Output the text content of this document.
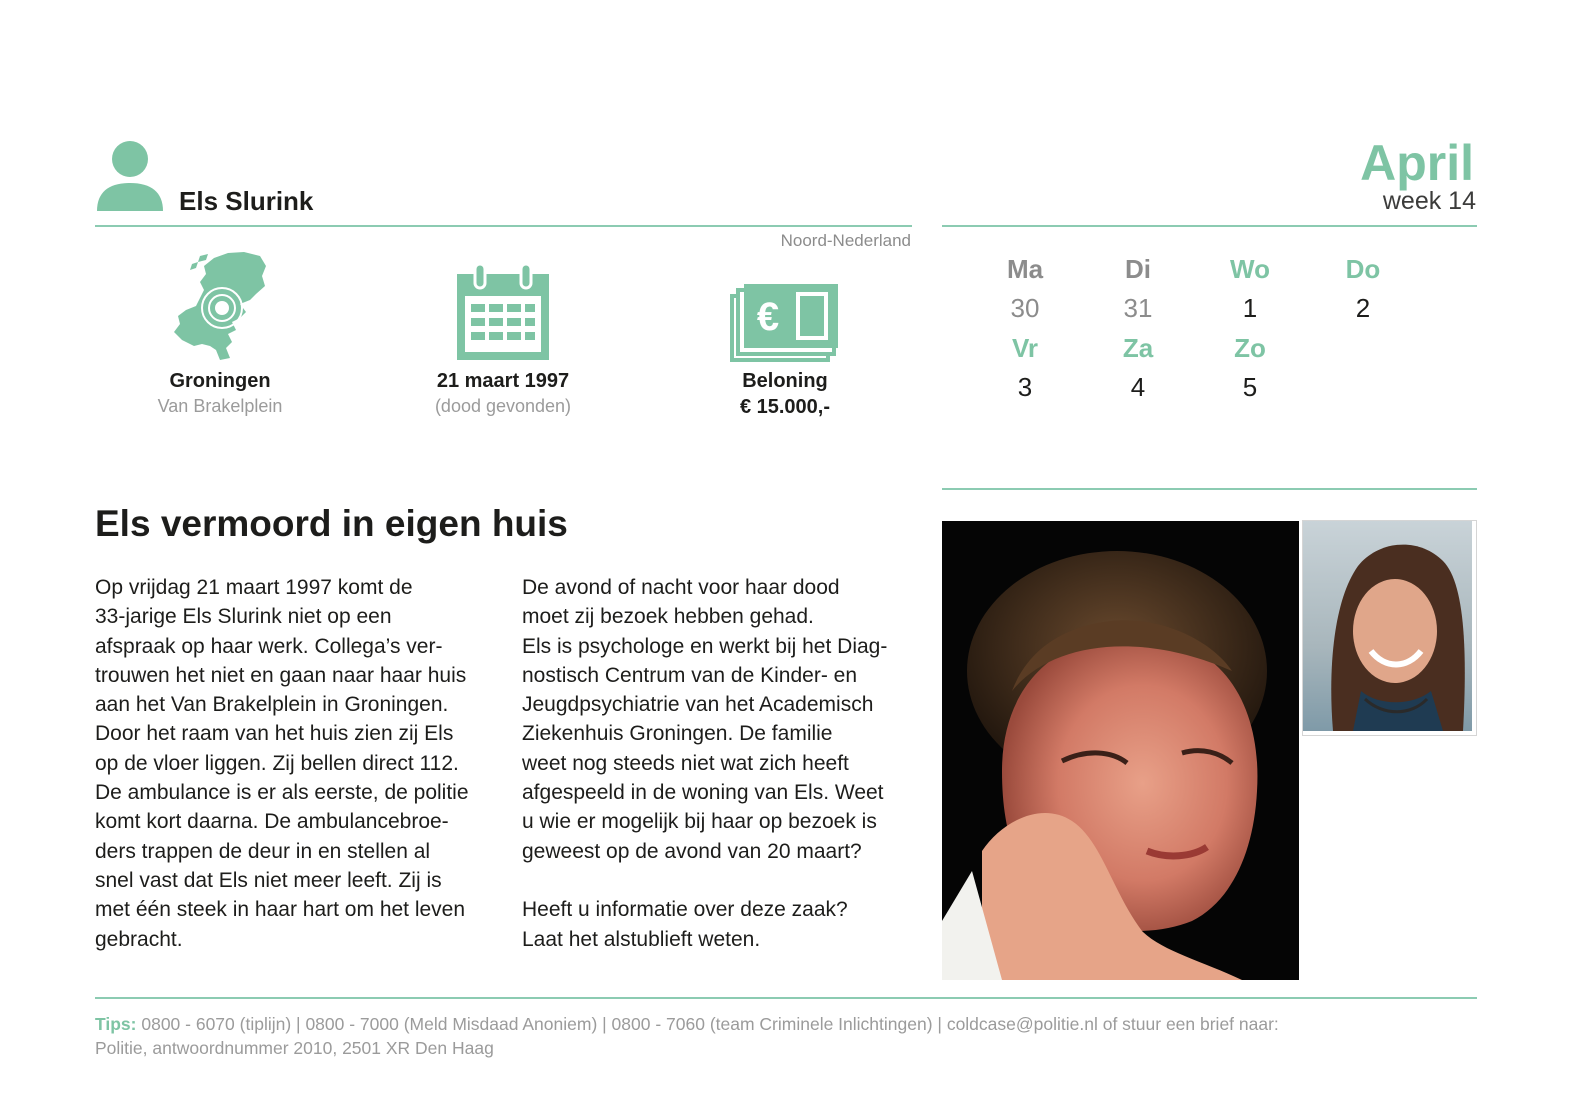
Els Slurink
Noord-Nederland
April
week 14
Groningen
Van Brakelplein
21 maart 1997
(dood gevonden)
€
Beloning
€ 15.000,-
Ma	Di	Wo	Do
30	31	1	2
Vr	Za	Zo
3	4	5
Els vermoord in eigen huis

Op vrijdag 21 maart 1997 komt de

33-jarige Els Slurink niet op een

afspraak op haar werk. Collega’s ver-

trouwen het niet en gaan naar haar huis

aan het Van Brakelplein in Groningen.

Door het raam van het huis zien zij Els

op de vloer liggen. Zij bellen direct 112.

De ambulance is er als eerste, de politie

komt kort daarna. De ambulancebroe-

ders trappen de deur in en stellen al

snel vast dat Els niet meer leeft. Zij is

met één steek in haar hart om het leven

gebracht.

De avond of nacht voor haar dood

moet zij bezoek hebben gehad.

Els is psychologe en werkt bij het Diag-

nostisch Centrum van de Kinder- en

Jeugdpsychiatrie van het Academisch

Ziekenhuis Groningen. De familie

weet nog steeds niet wat zich heeft

afgespeeld in de woning van Els. Weet

u wie er mogelijk bij haar op bezoek is

geweest op de avond van 20 maart?

Heeft u informatie over deze zaak?

Laat het alstublieft weten.

Tips: 0800 - 6070 (tiplijn) | 0800 - 7000 (Meld Misdaad Anoniem) | 0800 - 7060 (team Criminele Inlichtingen) | coldcase@politie.nl of stuur een brief naar:

Politie, antwoordnummer 2010, 2501 XR Den Haag
